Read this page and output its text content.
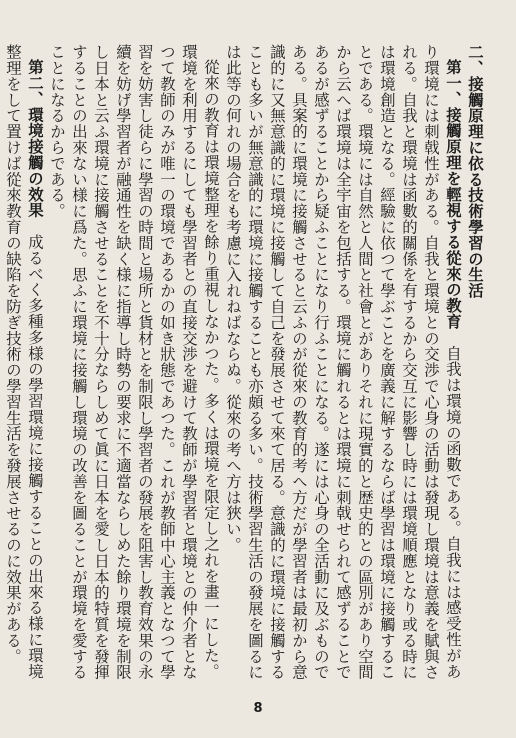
二、接觸原理に依る技術學習の生活

第一、接觸原理を輕視する從來の教育　自我は環境の函數である。自我には感受性があり環境には刺戟性がある。自我と環境との交渉で心身の活動は發現し環境は意義を賦與される。自我と環境は函數的關係を有するから交互に影響し時には環境順應となり或る時には環境創造となる。經驗に依つて學ぶことを廣義に解するならば學習は環境に接觸することである。環境には自然と人間と社會とがありそれに現實的と歴史的との區別があり空間から云へば環境は全宇宙を包括する。環境に觸れるとは環境に刺戟せられて感ずることであるが感ずることから疑ふことになり行ふことになる。遂には心身の全活動に及ぶものである。具案的に環境に接觸させると云ふのが從來の教育的考へ方だが學習者は最初から意識的に又無意識的に環境に接觸して自己を發展させて來て居る。意識的に環境に接觸することも多いが無意識的に環境に接觸することも亦頗る多い。技術學習生活の發展を圖るには此等の何れの場合をも考慮に入れねばならぬ。從來の考へ方は狹い。

從來の教育は環境整理を餘り重視しなかつた。多くは環境を限定し之れを畫一にした。環境を利用するにしても學習者との直接交渉を避けて教師が學習者と環境との仲介者となつて教師のみが唯一の環境であるかの如き狀態であつた。これが教師中心主義となつて學習を妨害し徒らに學習の時間と場所と貨材とを制限し學習者の發展を阻害し教育效果の永續を妨げ學習者が融通性を缺く様に指導し時勢の要求に不適當ならしめた餘り環境を制限し日本と云ふ環境に接觸させることを不十分ならしめて眞に日本を愛し日本的特質を發揮することの出來ない様に爲た。思ふに環境に接觸し環境の改善を圖ることが環境を愛することになるからである。

第二、環境接觸の效果　成るべく多種多様の學習環境に接觸することの出來る様に環境整理をして置けば從來教育の缺陷を防ぎ技術の學習生活を發展させるのに效果がある。

8
